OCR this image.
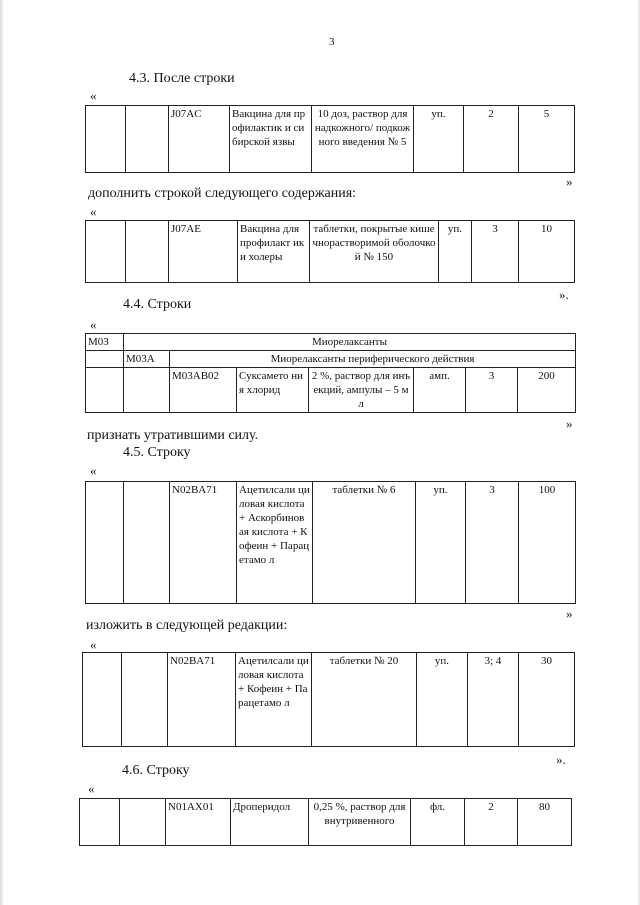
3
4.3. После строки
«
		J07AC	Вакцина для профилактик и сибирской язвы	10 доз, раствор для надкожного/ подкожного введения № 5	уп.	2	5
»
дополнить строкой следующего содержания:
«
		J07AE	Вакцина для профилакт ики холеры	таблетки, покрытые кишечнорастворимой оболочкой № 150	уп.	3	10
».
4.4. Строки
«
M03	Миорелаксанты						
	M03A	Миорелаксанты периферического действия					
		M03AB02	Суксамето ния хлорид	2 %, раствор для инъекций, ампулы – 5 мл	амп.	3	200
»
признать утратившими силу.
4.5. Строку
«
		N02BA71	Ацетилсали циловая кислота + Аскорбинов ая кислота + Кофеин + Парацетамо л	таблетки № 6	уп.	3	100
»
изложить в следующей редакции:
«
		N02BA71	Ацетилсали циловая кислота + Кофеин + Парацетамо л	таблетки № 20	уп.	3; 4	30
».
4.6. Строку
«
		N01AX01	Дроперидол	0,25 %, раствор для внутривенного	фл.	2	80
